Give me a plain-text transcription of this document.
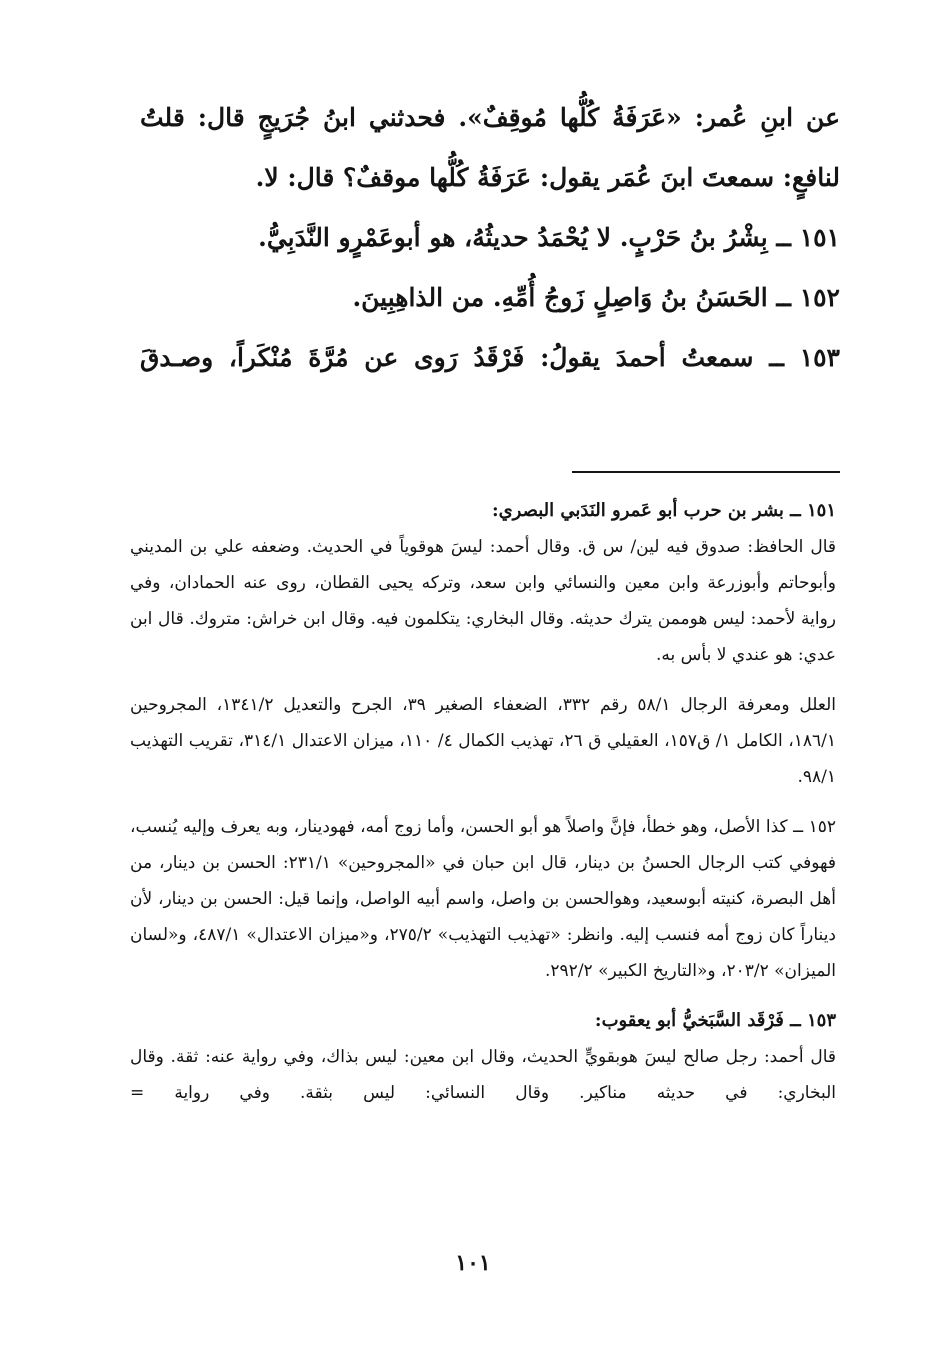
عن ابنِ عُمر: «عَرَفَةُ كُلُّها مُوقِفٌ». فحدثني ابنُ جُرَيجٍ قال: قلتُ لنافعٍ: سمعتَ ابنَ عُمَر يقول: عَرَفَةُ كُلُّها موقفٌ؟ قال: لا.

١٥١ ــ بِشْرُ بنُ حَرْبٍ. لا يُحْمَدُ حديثُهُ، هو أبوعَمْرٍو النَّدَبِيُّ.

١٥٢ ــ الحَسَنُ بنُ وَاصِلٍ زَوجُ أُمِّهِ. من الذاهِبِينَ.

١٥٣ ــ سمعتُ أحمدَ يقولُ: فَرْقَدُ رَوى عن مُرَّةَ مُنْكَراً، وصـدقَ

١٥١ ــ بشر بن حرب أبو عَمرو النَدَبي البصري:

قال الحافظ: صدوق فيه لين/ س ق. وقال أحمد: ليسَ هوقوياً في الحديث. وضعفه علي بن المديني وأبوحاتم وأبوزرعة وابن معين والنسائي وابن سعد، وتركه يحيى القطان، روى عنه الحمادان، وفي رواية لأحمد: ليس هوممن يترك حديثه. وقال البخاري: يتكلمون فيه. وقال ابن خراش: متروك. قال ابن عدي: هو عندي لا بأس به.

العلل ومعرفة الرجال ٥٨/١ رقم ٣٣٢، الضعفاء الصغير ٣٩، الجرح والتعديل ١٣٤١/٢، المجروحين ١٨٦/١، الكامل ١/ ق١٥٧، العقيلي ق ٢٦، تهذيب الكمال ٤/ ١١٠، ميزان الاعتدال ٣١٤/١، تقريب التهذيب ٩٨/١.

١٥٢ ــ كذا الأصل، وهو خطأ، فإنَّ واصلاً هو أبو الحسن، وأما زوج أمه، فهودينار، وبه يعرف وإليه يُنسب، فهوفي كتب الرجال الحسنُ بن دينار، قال ابن حبان في «المجروحين» ٢٣١/١: الحسن بن دينار، من أهل البصرة، كنيته أبوسعيد، وهوالحسن بن واصل، واسم أبيه الواصل، وإنما قيل: الحسن بن دينار، لأن ديناراً كان زوج أمه فنسب إليه. وانظر: «تهذيب التهذيب» ٢٧٥/٢، و«ميزان الاعتدال» ٤٨٧/١، و«لسان الميزان» ٢٠٣/٢، و«التاريخ الكبير» ٢٩٢/٢.

١٥٣ ــ فَرْقَد السَّبَخيُّ أبو يعقوب:

قال أحمد: رجل صالح ليسَ هوبقويٍّ الحديث، وقال ابن معين: ليس بذاك، وفي رواية عنه: ثقة. وقال البخاري: في حديثه مناكير. وقال النسائي: ليس بثقة. وفي رواية =

١٠١
